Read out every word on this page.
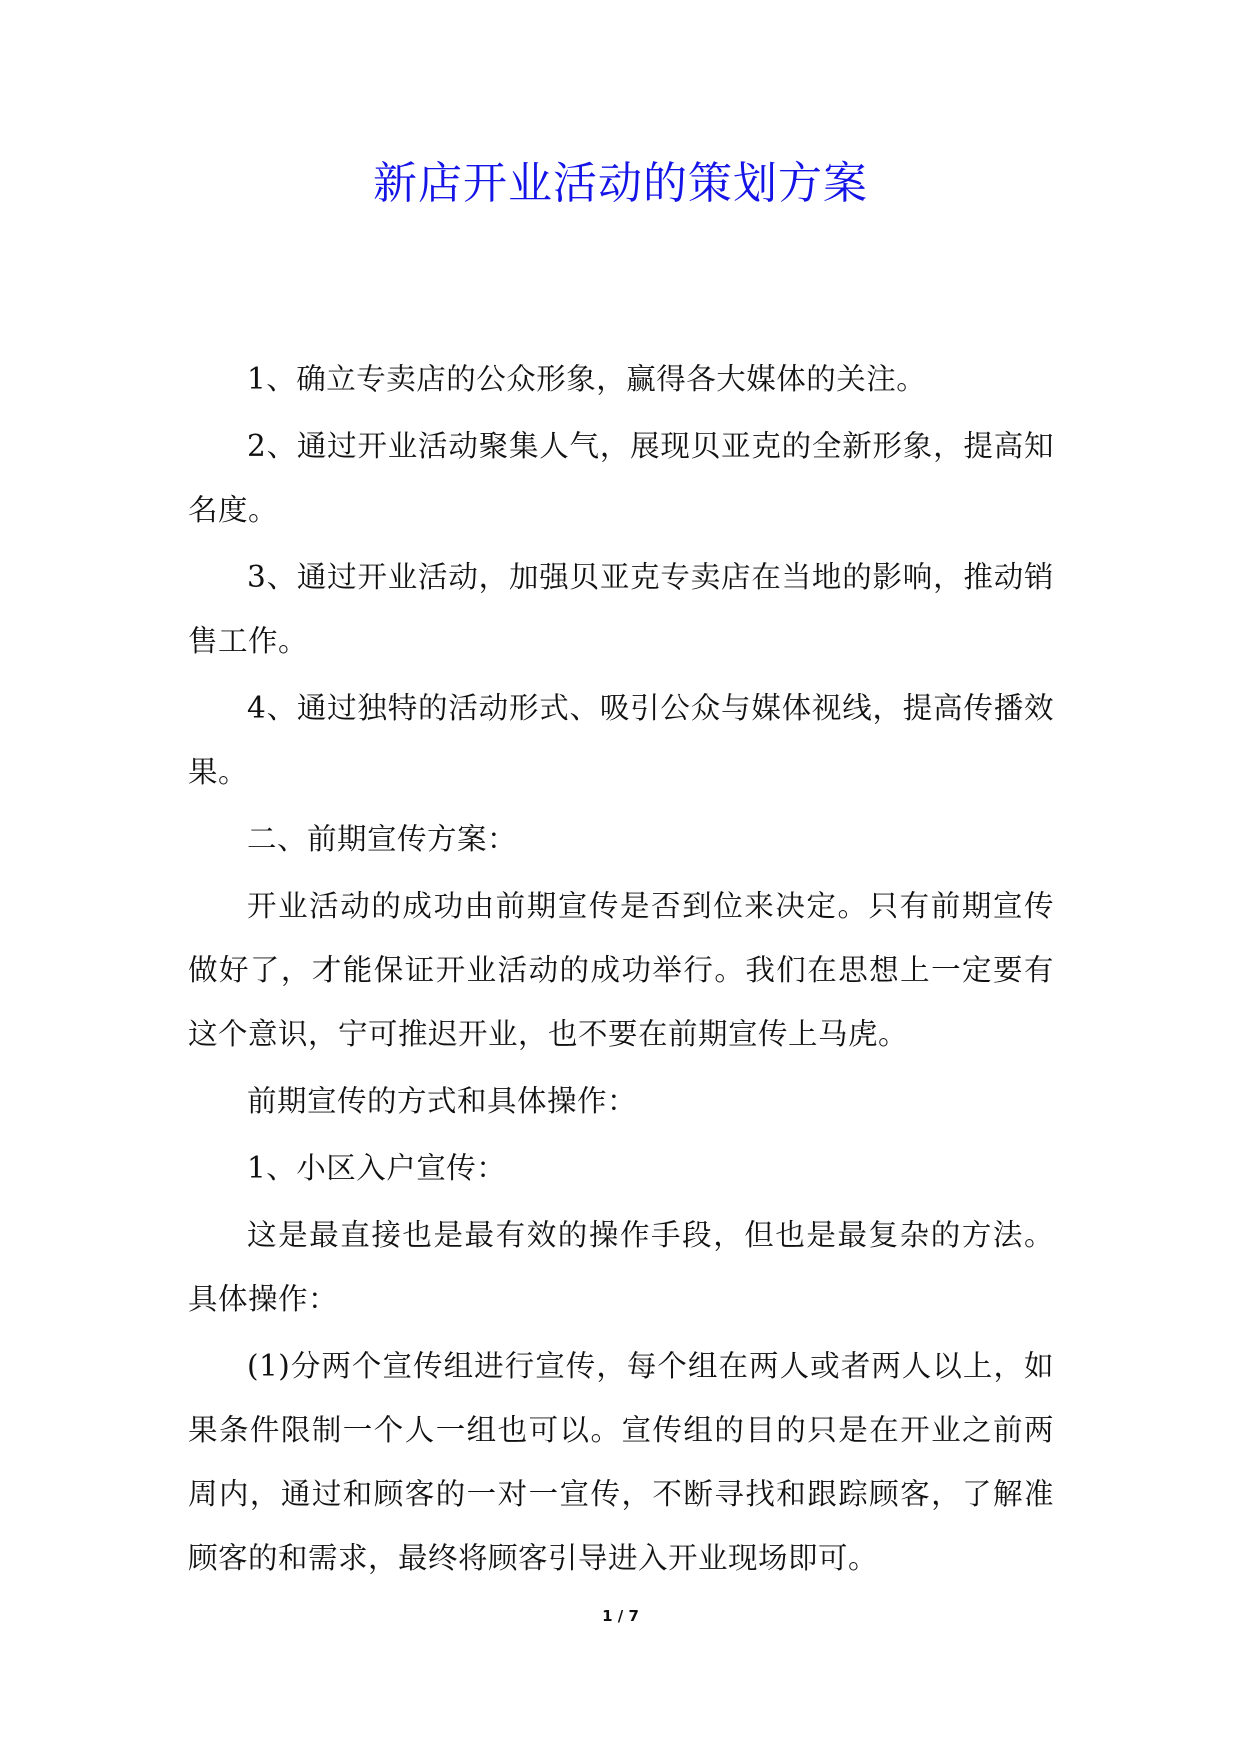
新店开业活动的策划方案

1、确立专卖店的公众形象，赢得各大媒体的关注。

2、通过开业活动聚集人气，展现贝亚克的全新形象，提高知名度。

3、通过开业活动，加强贝亚克专卖店在当地的影响，推动销售工作。

4、通过独特的活动形式、吸引公众与媒体视线，提高传播效果。

二、前期宣传方案：

开业活动的成功由前期宣传是否到位来决定。只有前期宣传做好了，才能保证开业活动的成功举行。我们在思想上一定要有这个意识，宁可推迟开业，也不要在前期宣传上马虎。

前期宣传的方式和具体操作：

1、小区入户宣传：

这是最直接也是最有效的操作手段，但也是最复杂的方法。具体操作：

(1)分两个宣传组进行宣传，每个组在两人或者两人以上，如果条件限制一个人一组也可以。宣传组的目的只是在开业之前两周内，通过和顾客的一对一宣传，不断寻找和跟踪顾客，了解准顾客的和需求，最终将顾客引导进入开业现场即可。

1 / 7
